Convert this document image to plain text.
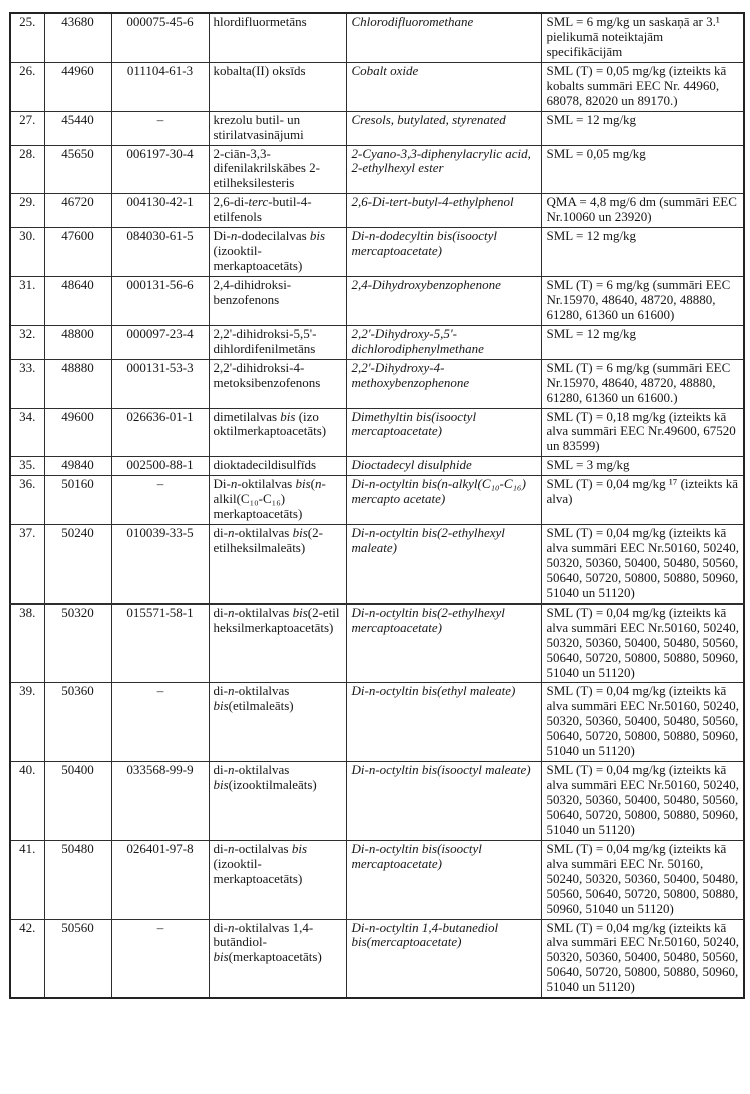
25.	43680	000075-45-6	hlordifluormetāns	Chlorodifluoromethane	SML = 6 mg/kg un saskaņā ar 3.¹ pielikumā noteiktajām specifikācijām
26.	44960	011104-61-3	kobalta(II) oksīds	Cobalt oxide	SML (T) = 0,05 mg/kg (izteikts kā kobalts summāri EEC Nr. 44960, 68078, 82020 un 89170.)
27.	45440	–	krezolu butil- un stirilatvasinājumi	Cresols, butylated, styrenated	SML = 12 mg/kg
28.	45650	006197-30-4	2-ciān-3,3-difenilakrilskābes 2-etilheksilesteris	2-Cyano-3,3-diphenylacrylic acid, 2-ethylhexyl ester	SML = 0,05 mg/kg
29.	46720	004130-42-1	2,6-di-terc-butil-4-etilfenols	2,6-Di-tert-butyl-4-ethylphenol	QMA = 4,8 mg/6 dm (summāri EEC Nr.10060 un 23920)
30.	47600	084030-61-5	Di-n-dodecilalvas bis (izooktil-merkaptoacetāts)	Di-n-dodecyltin bis(isooctyl mercaptoacetate)	SML = 12 mg/kg
31.	48640	000131-56-6	2,4-dihidroksi-benzofenons	2,4-Dihydroxybenzophenone	SML (T) = 6 mg/kg (summāri EEC Nr.15970, 48640, 48720, 48880, 61280, 61360 un 61600)
32.	48800	000097-23-4	2,2'-dihidroksi-5,5'-dihlordifenilmetāns	2,2'-Dihydroxy-5,5'-dichlorodiphenylmethane	SML = 12 mg/kg
33.	48880	000131-53-3	2,2'-dihidroksi-4-metoksibenzofenons	2,2'-Dihydroxy-4-methoxybenzophenone	SML (T) = 6 mg/kg (summāri EEC Nr.15970, 48640, 48720, 48880, 61280, 61360 un 61600.)
34.	49600	026636-01-1	dimetilalvas bis (izo oktilmerkaptoacetāts)	Dimethyltin bis(isooctyl mercaptoacetate)	SML (T) = 0,18 mg/kg (izteikts kā alva summāri EEC Nr.49600, 67520 un 83599)
35.	49840	002500-88-1	dioktadecildisulfīds	Dioctadecyl disulphide	SML = 3 mg/kg
36.	50160	–	Di-n-oktilalvas bis(n-alkil(C₁₀-C₁₆) merkaptoacetāts)	Di-n-octyltin bis(n-alkyl(C₁₀-C₁₆) mercapto acetate)	SML (T) = 0,04 mg/kg ¹⁷ (izteikts kā alva)
37.	50240	010039-33-5	di-n-oktilalvas bis(2-etilheksilmaleāts)	Di-n-octyltin bis(2-ethylhexyl maleate)	SML (T) = 0,04 mg/kg (izteikts kā alva summāri EEC Nr.50160, 50240, 50320, 50360, 50400, 50480, 50560, 50640, 50720, 50800, 50880, 50960, 51040 un 51120)
38.	50320	015571-58-1	di-n-oktilalvas bis(2-etil heksilmerkaptoacetāts)	Di-n-octyltin bis(2-ethylhexyl mercaptoacetate)	SML (T) = 0,04 mg/kg (izteikts kā alva summāri EEC Nr.50160, 50240, 50320, 50360, 50400, 50480, 50560, 50640, 50720, 50800, 50880, 50960, 51040 un 51120)
39.	50360	–	di-n-oktilalvas bis(etilmaleāts)	Di-n-octyltin bis(ethyl maleate)	SML (T) = 0,04 mg/kg (izteikts kā alva summāri EEC Nr.50160, 50240, 50320, 50360, 50400, 50480, 50560, 50640, 50720, 50800, 50880, 50960, 51040 un 51120)
40.	50400	033568-99-9	di-n-oktilalvas bis(izooktilmaleāts)	Di-n-octyltin bis(isooctyl maleate)	SML (T) = 0,04 mg/kg (izteikts kā alva summāri EEC Nr.50160, 50240, 50320, 50360, 50400, 50480, 50560, 50640, 50720, 50800, 50880, 50960, 51040 un 51120)
41.	50480	026401-97-8	di-n-octilalvas bis (izooktil-merkaptoacetāts)	Di-n-octyltin bis(isooctyl mercaptoacetate)	SML (T) = 0,04 mg/kg (izteikts kā alva summāri EEC Nr. 50160, 50240, 50320, 50360, 50400, 50480, 50560, 50640, 50720, 50800, 50880, 50960, 51040 un 51120)
42.	50560	–	di-n-oktilalvas 1,4-butāndiol-bis(merkaptoacetāts)	Di-n-octyltin 1,4-butanediol bis(mercaptoacetate)	SML (T) = 0,04 mg/kg (izteikts kā alva summāri EEC Nr.50160, 50240, 50320, 50360, 50400, 50480, 50560, 50640, 50720, 50800, 50880, 50960, 51040 un 51120)
